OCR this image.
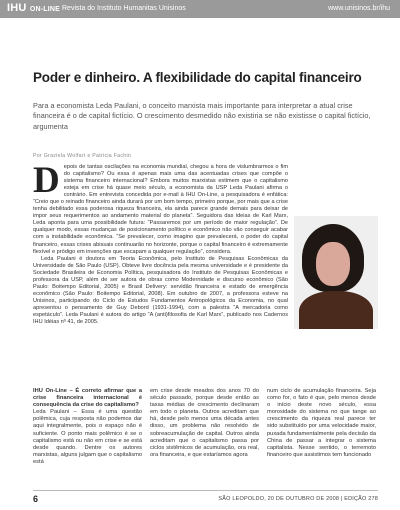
IHU ON-LINE Revista do Instituto Humanitas Unisinos	www.unisinos.br/ihu
Poder e dinheiro. A flexibilidade do capital financeiro
Para a economista Leda Paulani, o conceito marxista mais importante para interpretar a atual crise financeira é o de capital fictício. O crescimento desmedido não existiria se não existisse o capital fictício, argumenta
Por Graziela Wolfart e Patricia Fachin
D epois de tantas oscilações na economia mundial, chegou a hora de vislumbrarmos o fim do capitalismo? Ou essa é apenas mais uma das acentuadas crises que compõe o sistema financeiro internacional? Embora muitos marxistas estimem que o capitalismo esteja em crise há quase meio século, a economista da USP Leda Paulani afirma o contrário. Em entrevista concedida por e-mail à IHU On-Line, a pesquisadora é enfática: “Creio que o reinado financeiro ainda durará por um bom tempo, primeiro porque, por mais que a crise tenha debilitado essa poderosa riqueza financeira, ela ainda parece grande demais para deixar de impor seus requerimentos ao andamento material do planeta”. Seguidora das ideias de Karl Marx, Leda aponta para uma possibilidade futura: “Passaremos por um período de maior regulação”. De qualquer modo, essas mudanças de posicionamento político e econômico não vão conseguir acabar com a instabilidade econômica. “Se prevalecer, como imagino que prevalecerá, o poder do capital financeiro, essas crises abissais continuarão no horizonte, porque o capital financeiro é extremamente flexível e pródigo em invenções que escapam a qualquer regulação”, considera.
Leda Paulani é doutora em Teoria Econômica, pelo Instituto de Pesquisas Econômicas da Universidade de São Paulo (USP). Obteve livre docência pela mesma universidade e é presidente da Sociedade Brasileira de Economia Política, pesquisadora do Instituto de Pesquisas Econômicas e professora da USP, além de ser autora de obras como Modernidade e discurso econômico (São Paulo: Boitempo Editorial, 2005) e Brasil Delivery: servidão financeira e estado de emergência econômico (São Paulo: Boitempo Editorial, 2008). Em outubro de 2007, a professora esteve na Unisinos, participando do Ciclo de Estudos Fundamentos Antropológicos da Economia, no qual apresentou o pensamento de Guy Debord (1931-1994), com a palestra “A mercadoria como espetáculo”. Leda Paulani é autora do artigo “A (anti)filosofia de Karl Marx”, publicado nos Cadernos IHU Idéias nº 41, de 2005.
IHU On-Line – É correto afirmar que a crise financeira internacional é consequência da crise do capitalismo?
Leda Paulani – Essa é uma questão polêmica, cuja resposta não podemos dar aqui integralmente, pois o espaço não é suficiente. O ponto mais polêmico é se o capitalismo está ou não em crise e se está desde quando. Dentre os autores marxistas, alguns julgam que o capitalismo está
em crise desde meados dos anos 70 do século passado, porque desde então as taxas médias de crescimento declinaram em todo o planeta. Outros acreditam que há, desde pelo menos uma década antes disso, um problema não resolvido de sobreacumulação de capital. Outros ainda acreditam que o capitalismo passa por ciclos sistêmicos de acumulação, ora real, ora financeira, e que estaríamos agora
num ciclo de acumulação financeira. Seja como for, o fato é que, pelo menos desde o início deste novo século, essa morosidade do sistema no que tange ao crescimento da riqueza real parece ter sido substituído por uma velocidade maior, puxada fundamentalmente pela decisão da China de passar a integrar o sistema capitalista. Nesse sentido, o terremoto financeiro que assistimos tem funcionado
6	SÃO LEOPOLDO, 20 DE OUTUBRO DE 2008 | EDIÇÃO 278
